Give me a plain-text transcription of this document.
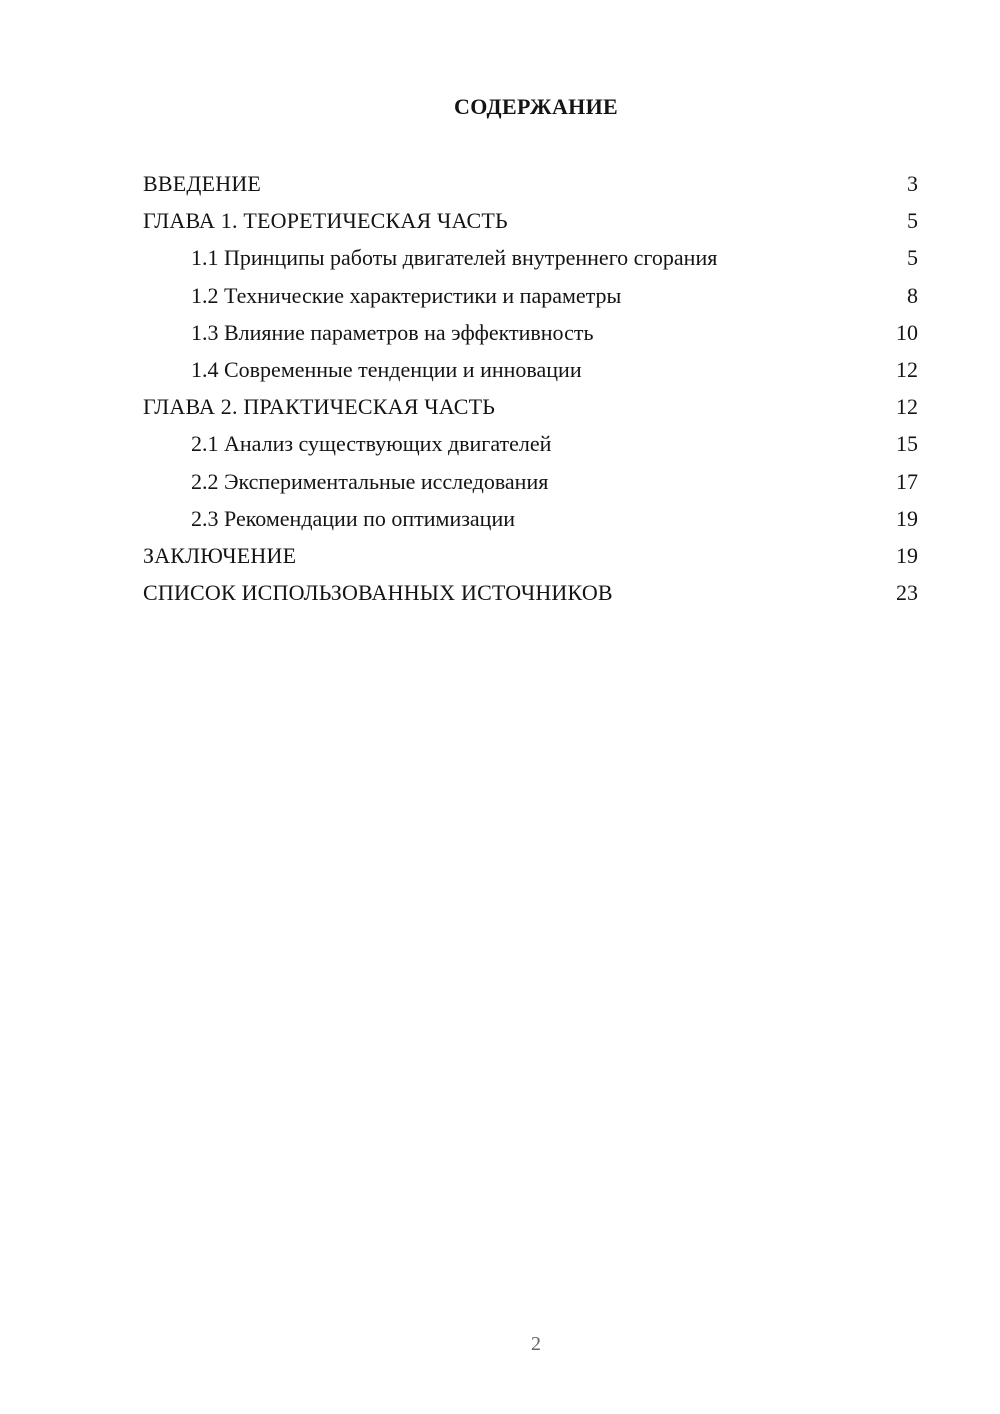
СОДЕРЖАНИЕ
ВВЕДЕНИЕ	3
ГЛАВА 1. ТЕОРЕТИЧЕСКАЯ ЧАСТЬ	5
1.1 Принципы работы двигателей внутреннего сгорания	5
1.2 Технические характеристики и параметры	8
1.3 Влияние параметров на эффективность	10
1.4 Современные тенденции и инновации	12
ГЛАВА 2. ПРАКТИЧЕСКАЯ ЧАСТЬ	12
2.1 Анализ существующих двигателей	15
2.2 Экспериментальные исследования	17
2.3 Рекомендации по оптимизации	19
ЗАКЛЮЧЕНИЕ	19
СПИСОК ИСПОЛЬЗОВАННЫХ ИСТОЧНИКОВ	23
2
